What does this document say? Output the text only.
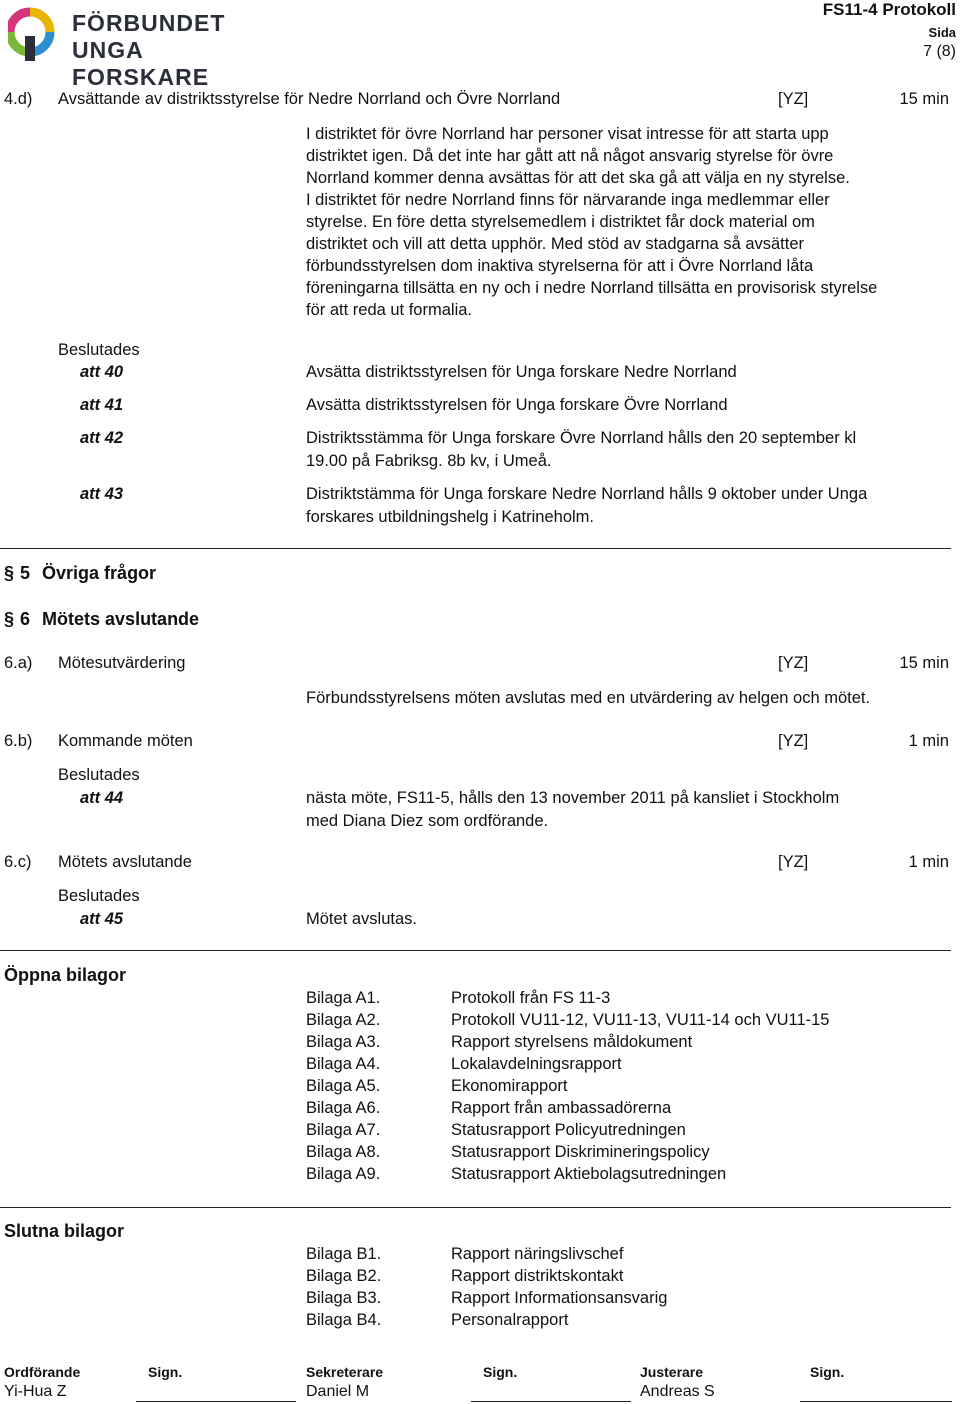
FÖRBUNDET
UNGA FORSKARE
FS11-4 Protokoll
Sida
7 (8)
4.d) Avsättande av distriktsstyrelse för Nedre Norrland och Övre Norrland	[YZ]	15 min
I distriktet för övre Norrland har personer visat intresse för att starta upp
distriktet igen. Då det inte har gått att nå något ansvarig styrelse för övre
Norrland kommer denna avsättas för att det ska gå att välja en ny styrelse.
I distriktet för nedre Norrland finns för närvarande inga medlemmar eller
styrelse. En före detta styrelsemedlem i distriktet får dock material om
distriktet och vill att detta upphör. Med stöd av stadgarna så avsätter
förbundsstyrelsen dom inaktiva styrelserna för att i Övre Norrland låta
föreningarna tillsätta en ny och i nedre Norrland tillsätta en provisorisk styrelse
för att reda ut formalia.
Beslutades
att 40	Avsätta distriktsstyrelsen för Unga forskare Nedre Norrland
att 41	Avsätta distriktsstyrelsen för Unga forskare Övre Norrland
att 42	Distriktsstämma för Unga forskare Övre Norrland hålls den 20 september kl
19.00 på Fabriksg. 8b kv, i Umeå.
att 43	Distriktstämma för Unga forskare Nedre Norrland hålls 9 oktober under Unga
forskares utbildningshelg i Katrineholm.
§ 5 Övriga frågor
§ 6 Mötets avslutande
6.a) Mötesutvärdering	[YZ]	15 min
Förbundsstyrelsens möten avslutas med en utvärdering av helgen och mötet.
6.b) Kommande möten	[YZ]	1 min
Beslutades
att 44	nästa möte, FS11-5, hålls den 13 november 2011 på kansliet i Stockholm
med Diana Diez som ordförande.
6.c) Mötets avslutande	[YZ]	1 min
Beslutades
att 45	Mötet avslutas.
Öppna bilagor
Bilaga A1.	Protokoll från FS 11-3
Bilaga A2.	Protokoll VU11-12, VU11-13, VU11-14 och VU11-15
Bilaga A3.	Rapport styrelsens måldokument
Bilaga A4.	Lokalavdelningsrapport
Bilaga A5.	Ekonomirapport
Bilaga A6.	Rapport från ambassadörerna
Bilaga A7.	Statusrapport Policyutredningen
Bilaga A8.	Statusrapport Diskrimineringspolicy
Bilaga A9.	Statusrapport Aktiebolagsutredningen
Slutna bilagor
Bilaga B1.	Rapport näringslivschef
Bilaga B2.	Rapport distriktskontakt
Bilaga B3.	Rapport Informationsansvarig
Bilaga B4.	Personalrapport
Ordförande	Sign.
Yi-Hua Z
Sekreterare	Sign.
Daniel M
Justerare	Sign.
Andreas S
